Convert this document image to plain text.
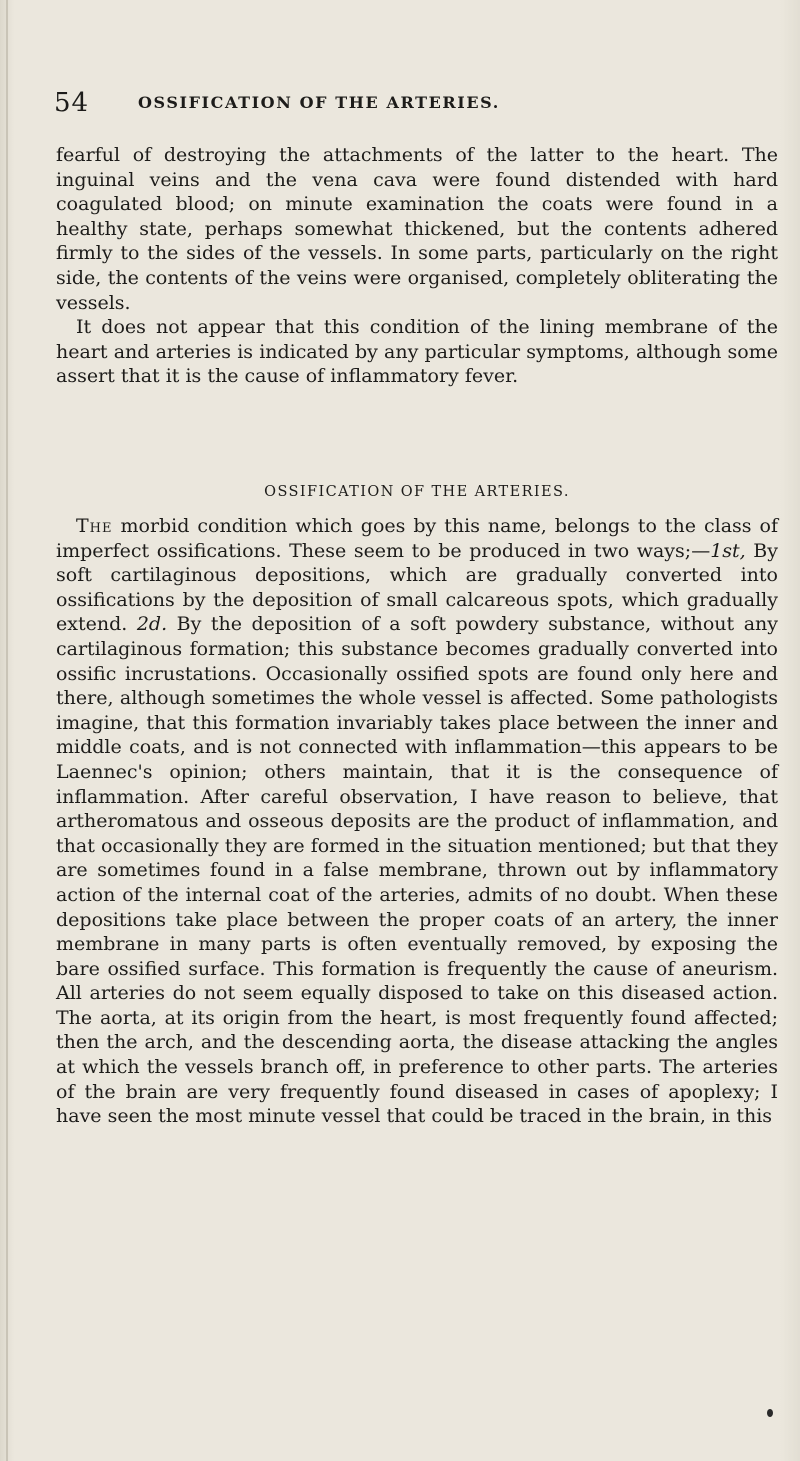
54	OSSIFICATION OF THE ARTERIES.

fearful of destroying the attachments of the latter to the heart. The inguinal veins and the vena cava were found distended with hard coagulated blood; on minute examination the coats were found in a healthy state, perhaps somewhat thickened, but the contents adhered firmly to the sides of the vessels. In some parts, particularly on the right side, the contents of the veins were organised, completely obliterating the vessels.

It does not appear that this condition of the lining membrane of the heart and arteries is indicated by any particular symptoms, although some assert that it is the cause of inflammatory fever.

OSSIFICATION OF THE ARTERIES.

The morbid condition which goes by this name, belongs to the class of imperfect ossifications. These seem to be produced in two ways;—1st, By soft cartilaginous depositions, which are gradually converted into ossifications by the deposition of small calcareous spots, which gradually extend. 2d. By the deposition of a soft powdery substance, without any cartilaginous formation; this substance becomes gradually converted into ossific incrustations. Occasionally ossified spots are found only here and there, although sometimes the whole vessel is affected. Some pathologists imagine, that this formation invariably takes place between the inner and middle coats, and is not connected with inflammation—this appears to be Laennec's opinion; others maintain, that it is the consequence of inflammation. After careful observation, I have reason to believe, that artheromatous and osseous deposits are the product of inflammation, and that occasionally they are formed in the situation mentioned; but that they are sometimes found in a false membrane, thrown out by inflammatory action of the internal coat of the arteries, admits of no doubt. When these depositions take place between the proper coats of an artery, the inner membrane in many parts is often eventually removed, by exposing the bare ossified surface. This formation is frequently the cause of aneurism. All arteries do not seem equally disposed to take on this diseased action. The aorta, at its origin from the heart, is most frequently found affected; then the arch, and the descending aorta, the disease attacking the angles at which the vessels branch off, in preference to other parts. The arteries of the brain are very frequently found diseased in cases of apoplexy; I have seen the most minute vessel that could be traced in the brain, in this
